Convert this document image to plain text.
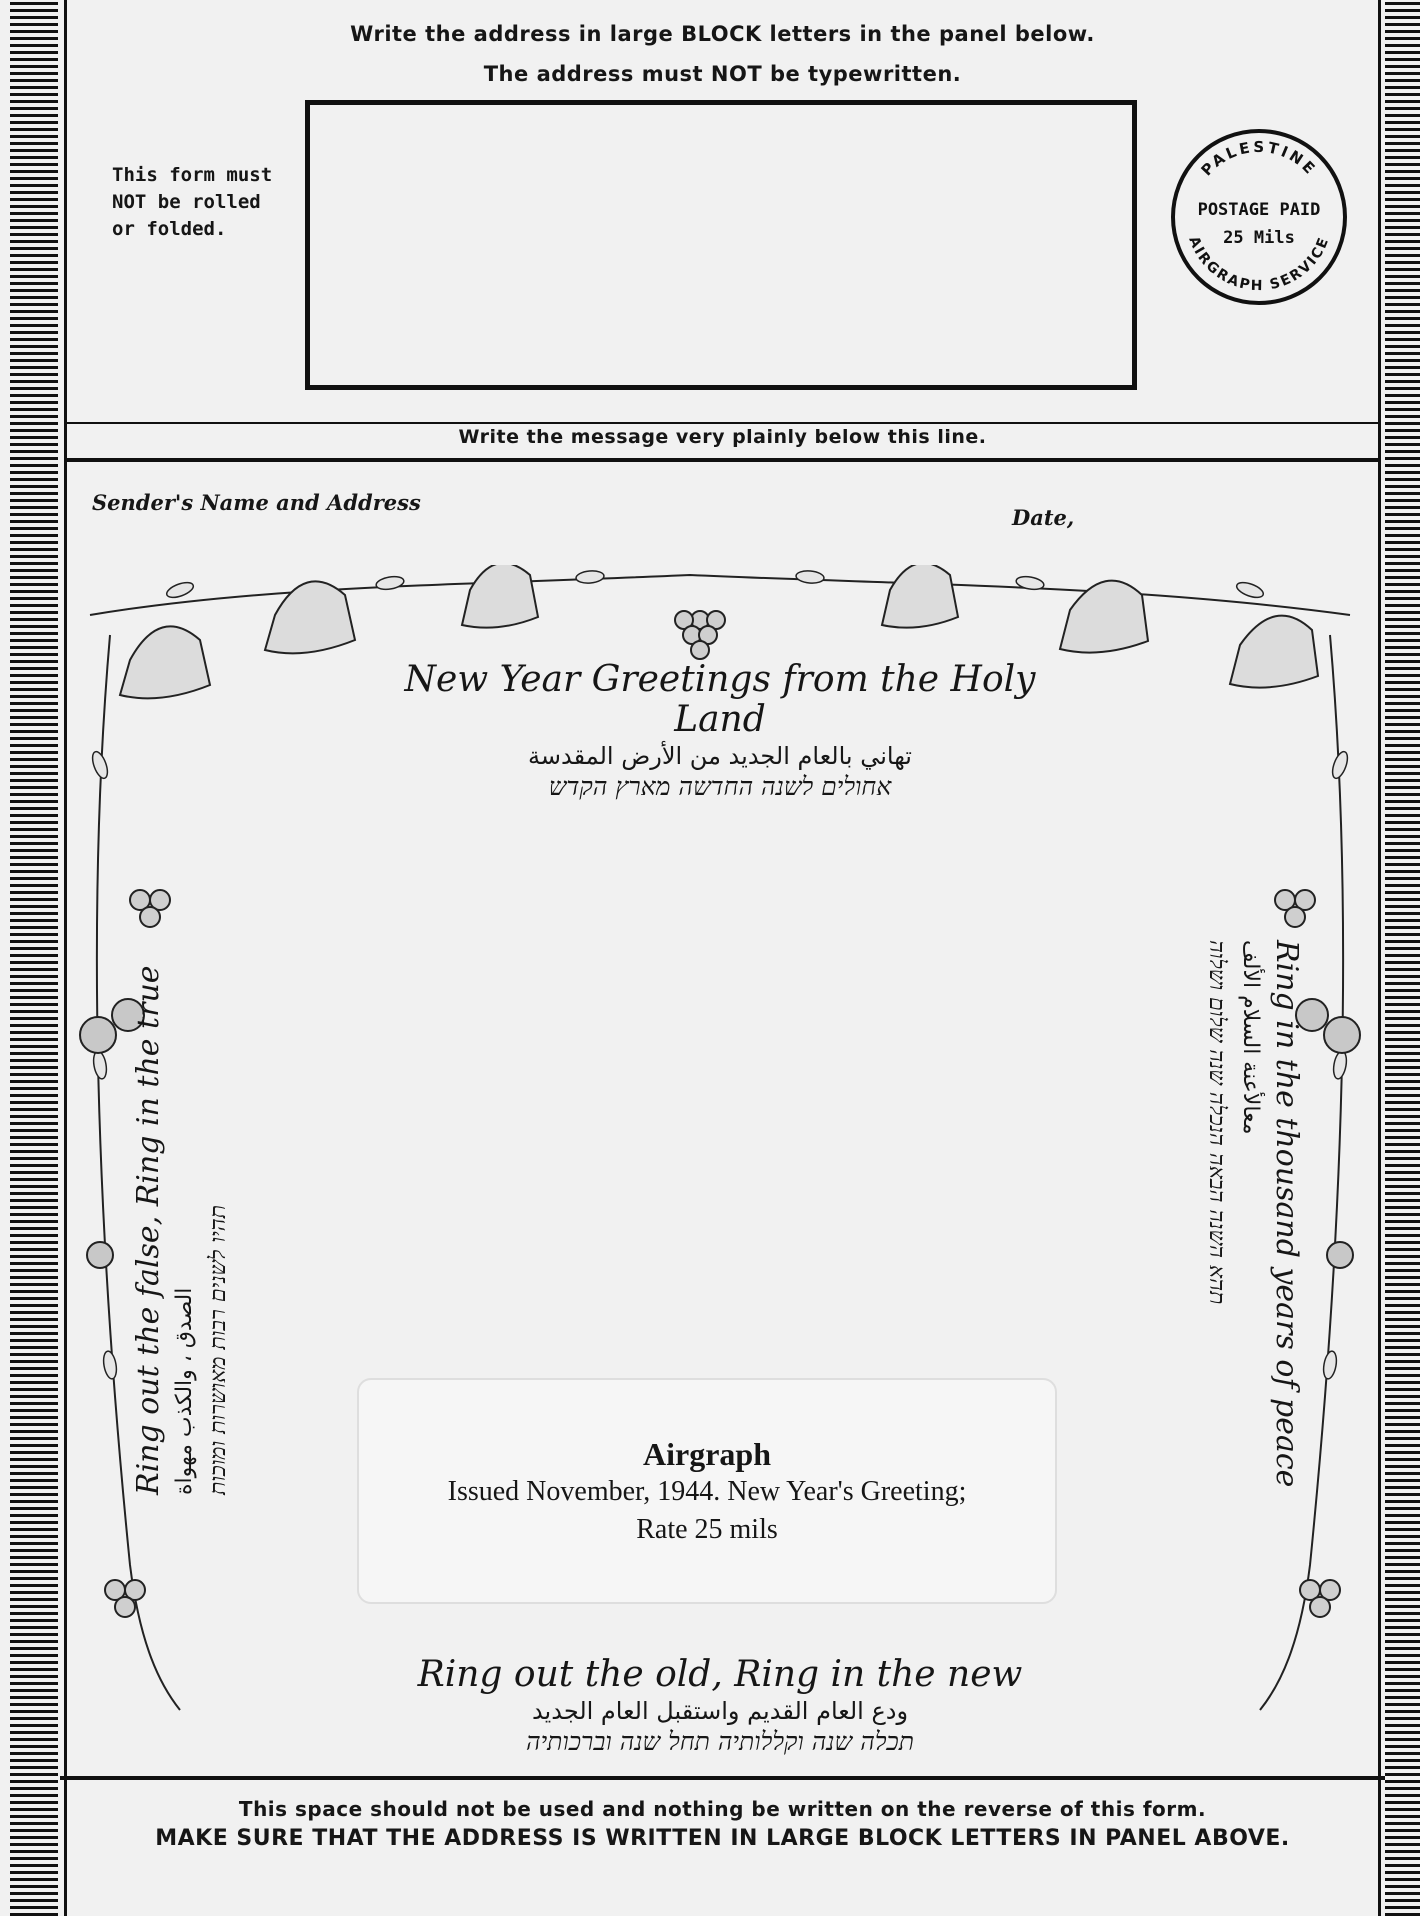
Write the address in large BLOCK letters in the panel below.
The address must NOT be typewritten.
This form must
NOT be rolled
or folded.
PALESTINE
AIRGRAPH SERVICE
POSTAGE PAID
25 Mils
Write the message very plainly below this line.
Sender's Name and Address
Date,
New Year Greetings from the Holy Land
تهاني بالعام الجديد من الأرض المقدسة
אחולים לשנה החדשה מארץ הקדש
Ring out the false, Ring in the true الصدق ، والكذب مهواة תהיו לשנים רבות מאושרות ומוכות	Ring in the thousand years of peace
معالأعنة السلام الألف
תהא השנה הבאה הנכלה שנה שלום ושלוה
Airgraph
Issued November, 1944. New Year's Greeting;
Rate 25 mils
Ring out the old, Ring in the new
ودع العام القديم واستقبل العام الجديد
תכלה שנה וקללותיה תחל שנה וברכותיה
This space should not be used and nothing be written on the reverse of this form.
MAKE SURE THAT THE ADDRESS IS WRITTEN IN LARGE BLOCK LETTERS IN PANEL ABOVE.
